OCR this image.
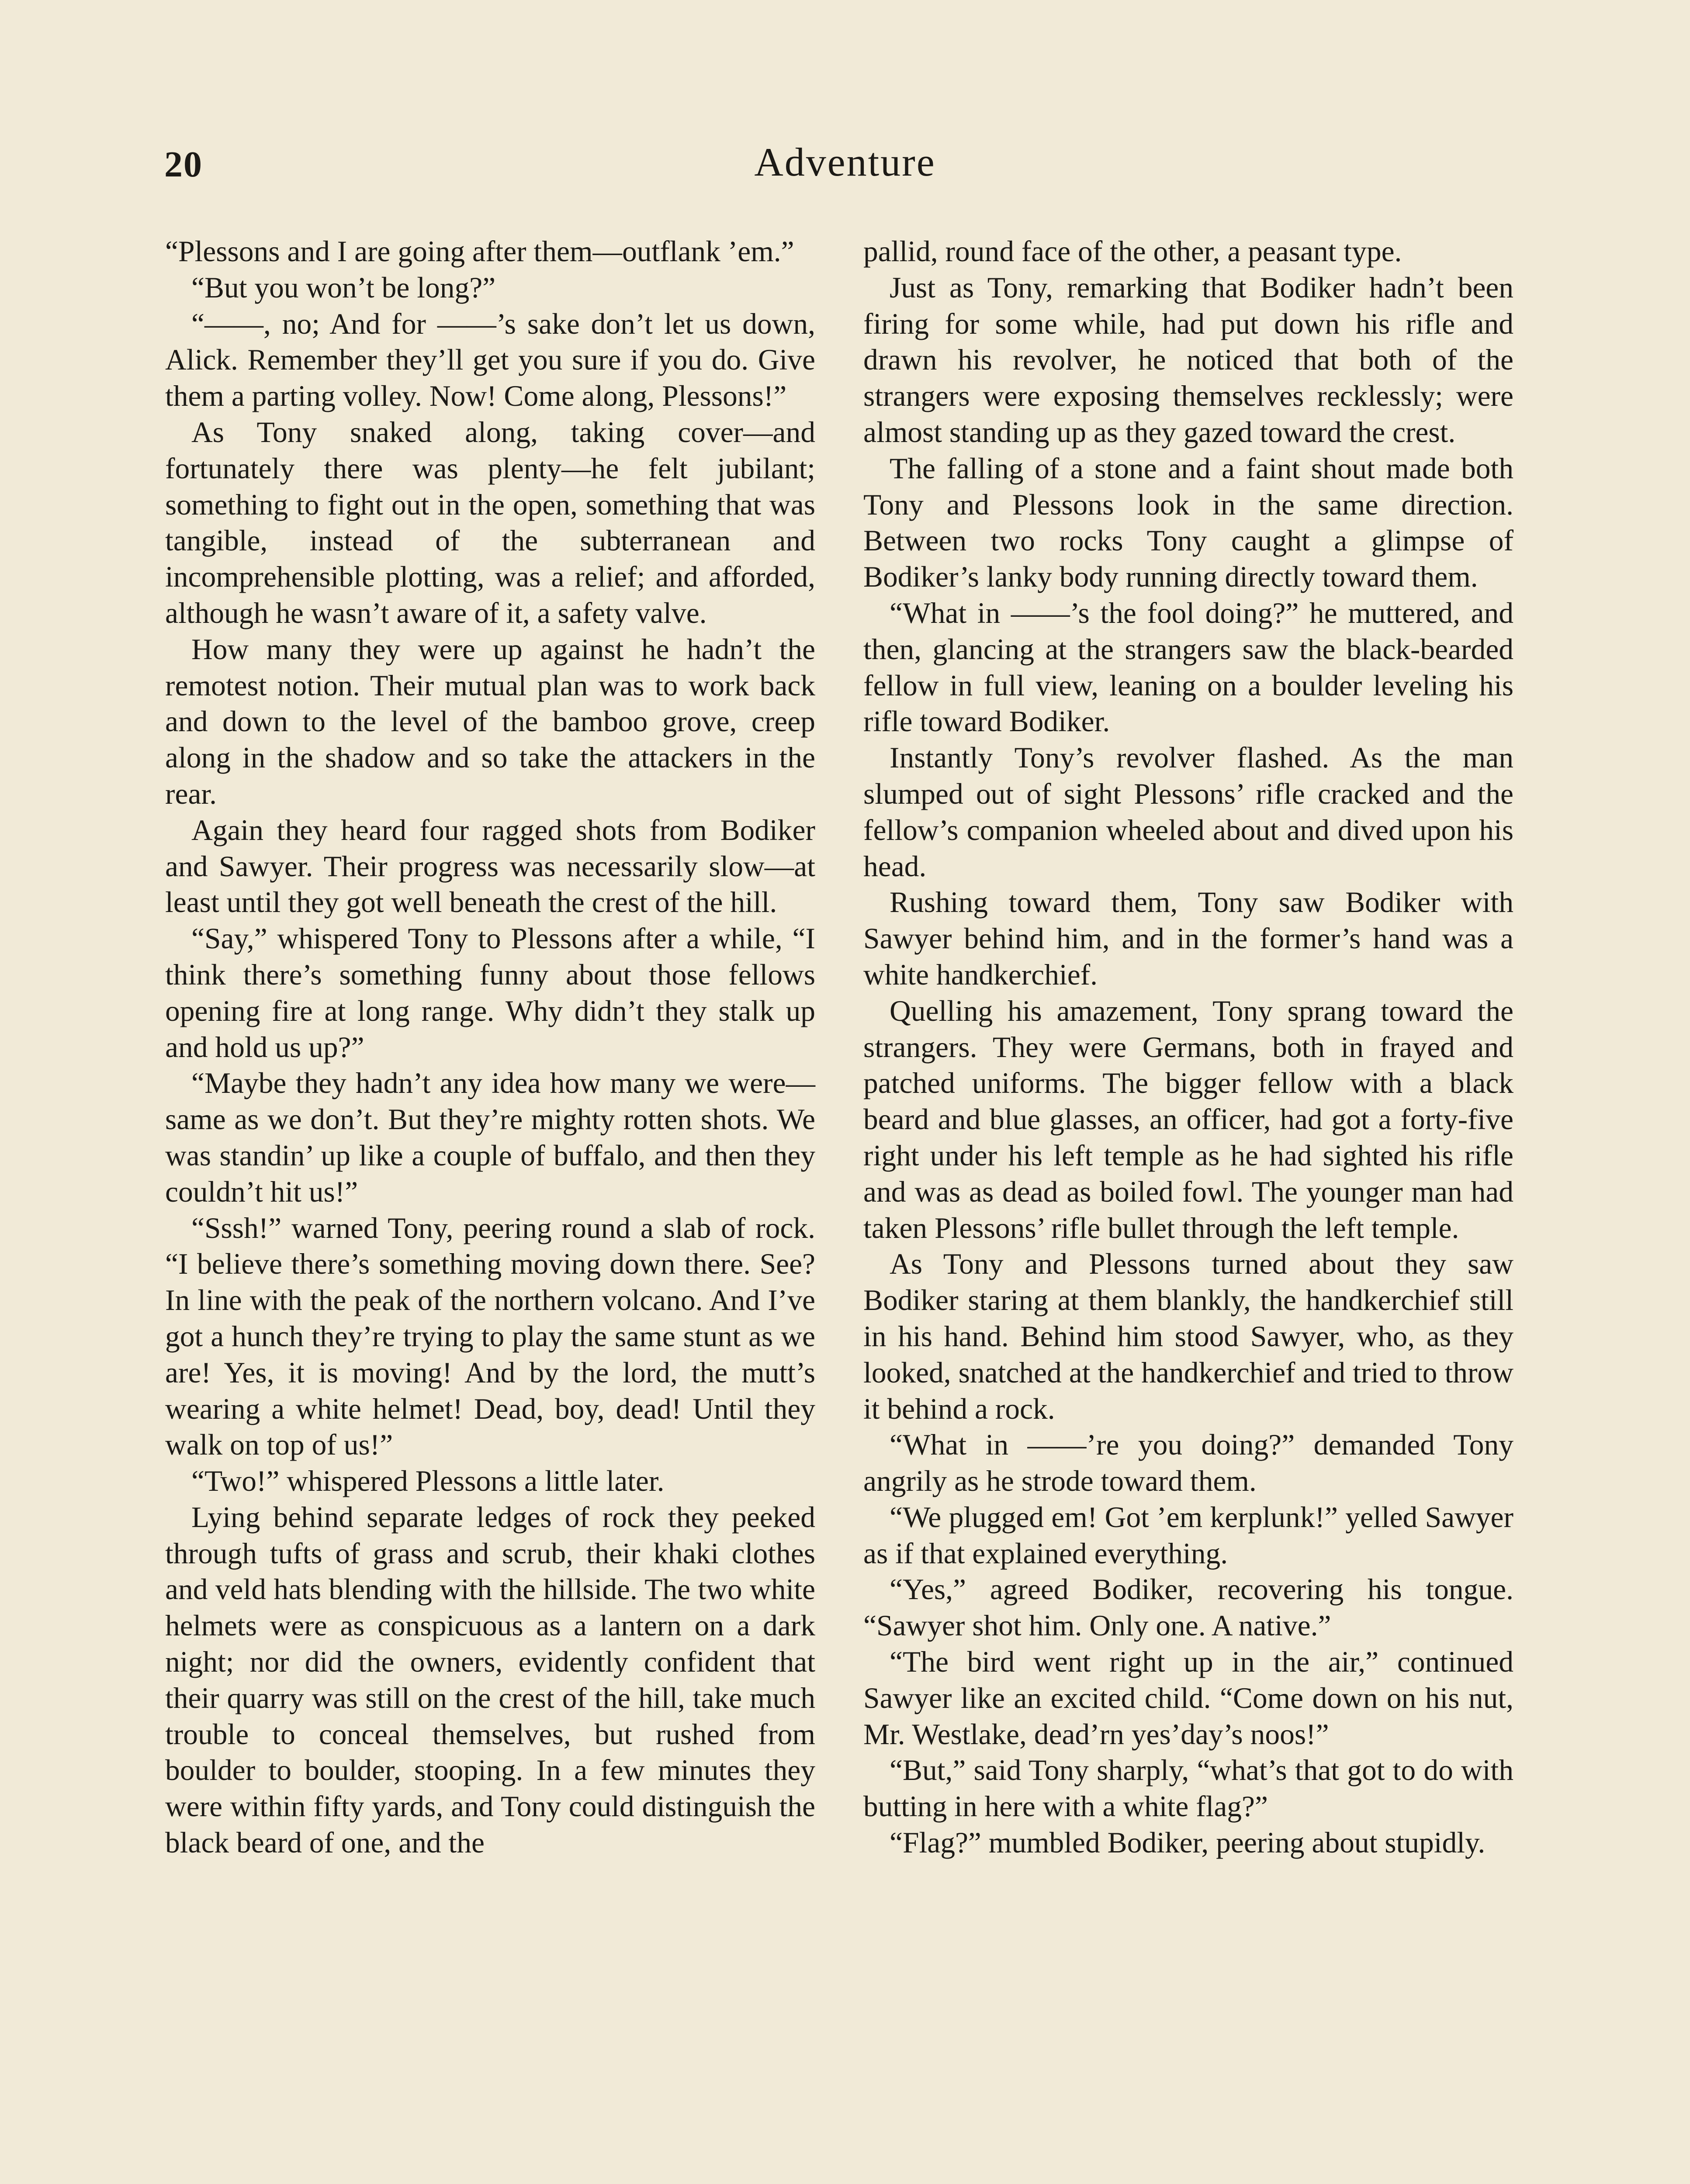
20	Adventure

“Plessons and I are going after them—outflank ’em.”

“But you won’t be long?”

“——, no; And for ——’s sake don’t let us down, Alick. Remember they’ll get you sure if you do. Give them a parting volley. Now! Come along, Plessons!”

As Tony snaked along, taking cover—and fortunately there was plenty—he felt jubilant; something to fight out in the open, something that was tangible, instead of the subterranean and incomprehensible plotting, was a relief; and afforded, although he wasn’t aware of it, a safety valve.

How many they were up against he hadn’t the remotest notion. Their mutual plan was to work back and down to the level of the bamboo grove, creep along in the shadow and so take the attackers in the rear.

Again they heard four ragged shots from Bodiker and Sawyer. Their progress was necessarily slow—at least until they got well beneath the crest of the hill.

“Say,” whispered Tony to Plessons after a while, “I think there’s something funny about those fellows opening fire at long range. Why didn’t they stalk up and hold us up?”

“Maybe they hadn’t any idea how many we were—same as we don’t. But they’re mighty rotten shots. We was standin’ up like a couple of buffalo, and then they couldn’t hit us!”

“Sssh!” warned Tony, peering round a slab of rock. “I believe there’s something moving down there. See? In line with the peak of the northern volcano. And I’ve got a hunch they’re trying to play the same stunt as we are! Yes, it is moving! And by the lord, the mutt’s wearing a white helmet! Dead, boy, dead! Until they walk on top of us!”

“Two!” whispered Plessons a little later.

Lying behind separate ledges of rock they peeked through tufts of grass and scrub, their khaki clothes and veld hats blending with the hillside. The two white helmets were as conspicuous as a lantern on a dark night; nor did the owners, evidently confident that their quarry was still on the crest of the hill, take much trouble to conceal themselves, but rushed from boulder to boulder, stooping. In a few minutes they were within fifty yards, and Tony could distinguish the black beard of one, and the

pallid, round face of the other, a peasant type.

Just as Tony, remarking that Bodiker hadn’t been firing for some while, had put down his rifle and drawn his revolver, he noticed that both of the strangers were exposing themselves recklessly; were almost standing up as they gazed toward the crest.

The falling of a stone and a faint shout made both Tony and Plessons look in the same direction. Between two rocks Tony caught a glimpse of Bodiker’s lanky body running directly toward them.

“What in ——’s the fool doing?” he muttered, and then, glancing at the strangers saw the black-bearded fellow in full view, leaning on a boulder leveling his rifle toward Bodiker.

Instantly Tony’s revolver flashed. As the man slumped out of sight Plessons’ rifle cracked and the fellow’s companion wheeled about and dived upon his head.

Rushing toward them, Tony saw Bodiker with Sawyer behind him, and in the former’s hand was a white handkerchief.

Quelling his amazement, Tony sprang toward the strangers. They were Germans, both in frayed and patched uniforms. The bigger fellow with a black beard and blue glasses, an officer, had got a forty-five right under his left temple as he had sighted his rifle and was as dead as boiled fowl. The younger man had taken Plessons’ rifle bullet through the left temple.

As Tony and Plessons turned about they saw Bodiker staring at them blankly, the handkerchief still in his hand. Behind him stood Sawyer, who, as they looked, snatched at the handkerchief and tried to throw it behind a rock.

“What in ——’re you doing?” demanded Tony angrily as he strode toward them.

“We plugged em! Got ’em kerplunk!” yelled Sawyer as if that explained everything.

“Yes,” agreed Bodiker, recovering his tongue. “Sawyer shot him. Only one. A native.”

“The bird went right up in the air,” continued Sawyer like an excited child. “Come down on his nut, Mr. Westlake, dead’rn yes’day’s noos!”

“But,” said Tony sharply, “what’s that got to do with butting in here with a white flag?”

“Flag?” mumbled Bodiker, peering about stupidly.
